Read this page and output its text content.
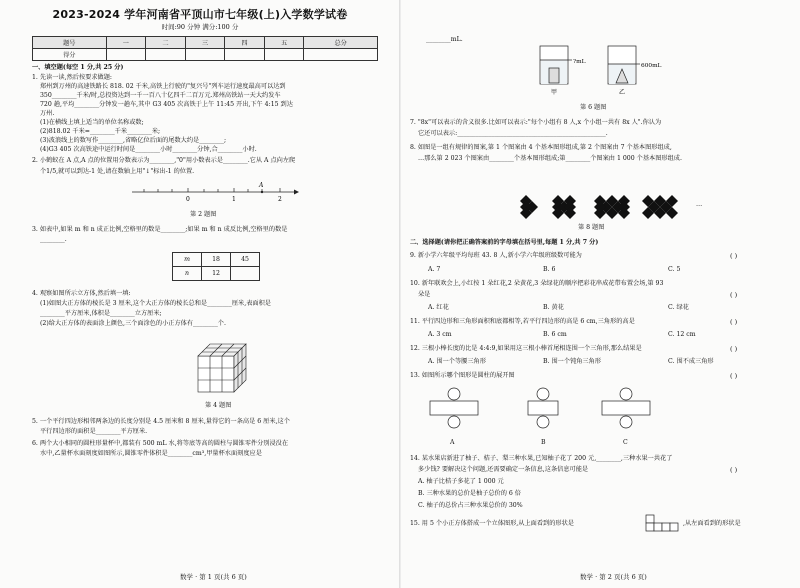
2023-2024 学年河南省平顶山市七年级(上)入学数学试卷
时间:90 分钟 满分:100 分
题号	一	二	三	四	五	总分
得分						
一、填空题(每空 1 分,共 25 分)
1. 先读一读,然后按要求做题:
郑州到万州的高速铁路长 818. 02 千米,高铁上行驶的"复兴号"列车运行速度最高可以达到
350________千米/时,总投资达到一千一百八十亿四千二百万元.郑州高铁站一天大约发车
720 趟,平均________分钟发一趟车,其中 G3 405 次高铁于上午 11:45 开出,下午 4:15 到达
万州.
(1)在横线上填上适当的单位名称或数;
(2)818.02 千米=________千米________米;
(3)波浪线上的数写作________,省略亿位后面的尾数大约是________;
(4)G3 405 次高铁途中运行时间是________小时________分钟,合________小时.
2. 小鹤蚁在 A 点,A 点的位置用分数表示为________,"0"用小数表示是________.它从 A 点向左爬
个1/5,就可以到达-1 处,请在数轴上用"↓"标出-1 的位置.
0	1
A
2
第 2 题图
3. 如表中,如果 m 和 n 成正比例,空格里的数是________;如果 m 和 n 成反比例,空格里的数是
________.
m	18	45
n	12	
4. 观察如图所示立方体,然后填一填:
(1)如图大正方体的棱长是 3 厘米,这个大正方体的棱长总和是________厘米,表面积是
________平方厘米,体积是________立方厘米;
(2)给大正方体的表面涂上颜色,三个面涂色的小正方体有________个.
第 4 题图
5. 一个平行四边形相邻两条边的长度分别是 4.5 厘米和 8 厘米,量得它的一条高是 6 厘米,这个
平行四边形的面积是________平方厘米.
6. 两个大小相同的圆柱形量杯中,都装有 500 mL 水,将等底等高的圆柱与圆锥零件分别浸没在
水中,乙量杯水面刻度如图所示,圆锥零件体积是________cm³,甲量杯水面刻度应是
数学 · 第 1 页(共 6 页)
________mL.
?mL
600mL
甲	乙
第 6 题图
7. "8x"可以表示的含义很多.比如可以表示:"每个小组有 8 人,x 个小组一共有 8x 人".你认为
它还可以表示:________________________________________________.
8. 如图是一组有规律的图案,第 1 个图案由 4 个基本图形组成,第 2 个图案由 7 个基本图形组成,
…那么第 2 023 个图案由________个基本图形组成;第________个图案由 1 000 个基本图形组成.
…
第 8 题图
二、选择题(请你把正确答案前的字母填在括号里,每题 1 分,共 7 分)
9. 新小学六年级平均每班 43. 8 人,新小学六年级班级数可能为	( )
A. 7	B. 6	C. 5
10. 新年联欢会上,小红按 1 朵红花,2 朵黄花,3 朵绿花的顺序把彩花串成花带布置会场,第 93
朵是	( )
A. 红花	B. 黄花	C. 绿花
11. 平行四边形和三角形面积和底都相等,若平行四边形的高是 6 cm,三角形的高是	( )
A. 3 cm	B. 6 cm	C. 12 cm
12. 三根小棒长度的比是 4:4:9,如果用这三根小棒首尾相连围一个三角形,那么结果是	( )
A. 围一个等腰三角形	B. 围一个钝角三角形	C. 围不成三角形
13. 如图所示哪个图形是圆柱的展开图	( )
A	B	C
14. 某水果店新进了柚子、桔子、梨三种水果,已知柚子花了 200 元,________,三种水果一共花了
多少钱? 要解决这个问题,还需要确定一条信息,这条信息可能是	( )
A. 柚子比桔子多花了 1 000 元
B. 三种水果的总价是柚子总价的 6 倍
C. 柚子的总价占三种水果总价的 30%
15. 用 5 个小正方体搭成一个立体图形,从上面看到的形状是	,从左面看到的形状是
数学 · 第 2 页(共 6 页)
